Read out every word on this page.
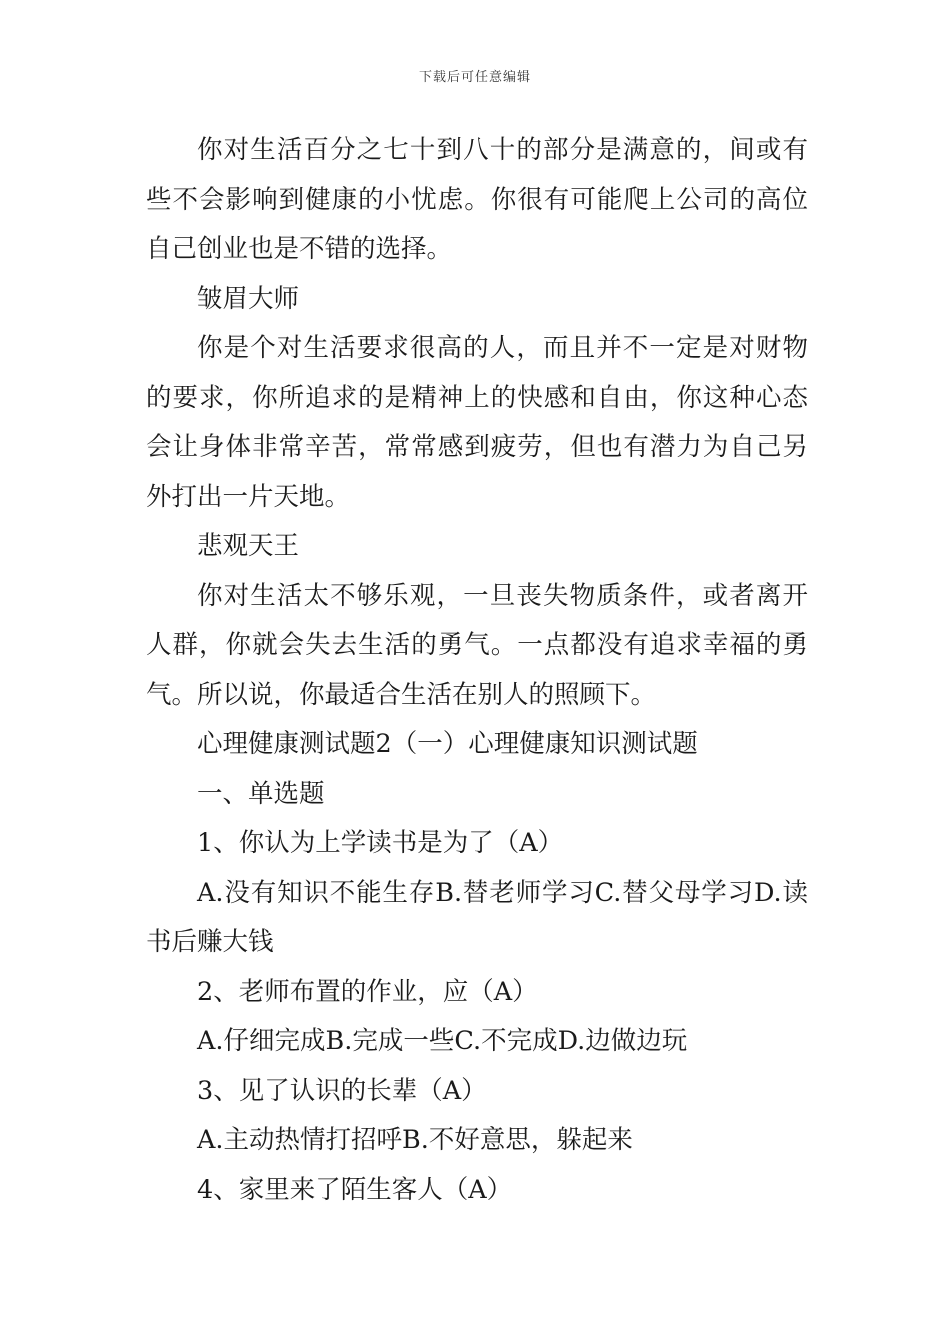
下载后可任意编辑

你对生活百分之七十到八十的部分是满意的，间或有些不会影响到健康的小忧虑。你很有可能爬上公司的高位自己创业也是不错的选择。

皱眉大师

你是个对生活要求很高的人，而且并不一定是对财物的要求，你所追求的是精神上的快感和自由，你这种心态会让身体非常辛苦，常常感到疲劳，但也有潜力为自己另外打出一片天地。

悲观天王

你对生活太不够乐观，一旦丧失物质条件，或者离开人群，你就会失去生活的勇气。一点都没有追求幸福的勇气。所以说，你最适合生活在别人的照顾下。

心理健康测试题2（一）心理健康知识测试题

一、单选题

1、你认为上学读书是为了（A）

A.没有知识不能生存B.替老师学习C.替父母学习D.读书后赚大钱

2、老师布置的作业，应（A）

A.仔细完成B.完成一些C.不完成D.边做边玩

3、见了认识的长辈（A）

A.主动热情打招呼B.不好意思，躲起来

4、家里来了陌生客人（A）
